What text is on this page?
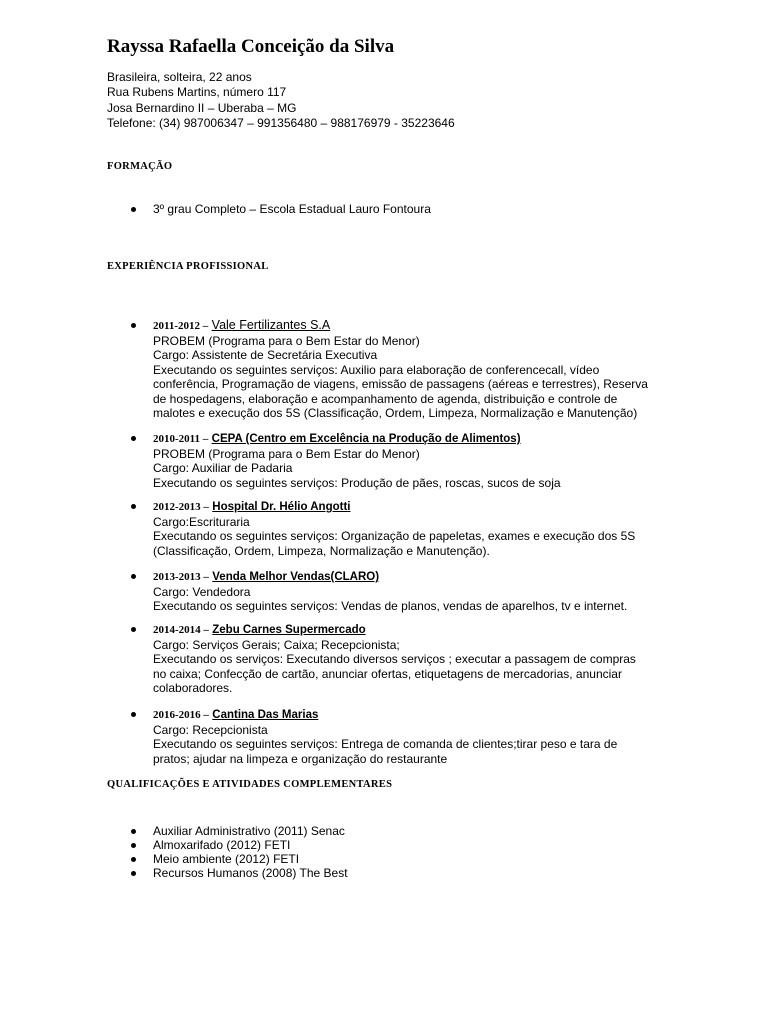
Rayssa Rafaella Conceição da Silva
Brasileira, solteira, 22 anos
Rua Rubens Martins, número 117
Josa Bernardino II – Uberaba – MG
Telefone: (34) 987006347 – 991356480 – 988176979 - 35223646
FORMAÇÃO
3º grau Completo – Escola Estadual Lauro Fontoura
EXPERIÊNCIA PROFISSIONAL
2011-2012 – Vale Fertilizantes S.A
PROBEM (Programa para o Bem Estar do Menor)
Cargo: Assistente de Secretária Executiva
Executando os seguintes serviços: Auxilio para elaboração de conferencecall, vídeo
conferência, Programação de viagens, emissão de passagens (aéreas e terrestres), Reserva
de hospedagens, elaboração e acompanhamento de agenda, distribuição e controle de
malotes e execução dos 5S (Classificação, Ordem, Limpeza, Normalização e Manutenção)
2010-2011 – CEPA (Centro em Excelência na Produção de Alimentos)
PROBEM (Programa para o Bem Estar do Menor)
Cargo: Auxiliar de Padaria
Executando os seguintes serviços: Produção de pães, roscas, sucos de soja
2012-2013 – Hospital Dr. Hélio Angotti
Cargo:Escrituraria
Executando os seguintes serviços: Organização de papeletas, exames e execução dos 5S
(Classificação, Ordem, Limpeza, Normalização e Manutenção).
2013-2013 – Venda Melhor Vendas(CLARO)
Cargo: Vendedora
Executando os seguintes serviços: Vendas de planos, vendas de aparelhos, tv e internet.
2014-2014 – Zebu Carnes Supermercado
Cargo: Serviços Gerais; Caixa; Recepcionista;
Executando os serviços: Executando diversos serviços ; executar a passagem de compras
no caixa; Confecção de cartão, anunciar ofertas, etiquetagens de mercadorias, anunciar
colaboradores.
2016-2016 – Cantina Das Marias
Cargo: Recepcionista
Executando os seguintes serviços: Entrega de comanda de clientes;tirar peso e tara de
pratos; ajudar na limpeza e organização do restaurante
QUALIFICAÇÕES E ATIVIDADES COMPLEMENTARES
Auxiliar Administrativo (2011) Senac
Almoxarifado (2012) FETI
Meio ambiente (2012) FETI
Recursos Humanos (2008) The Best
